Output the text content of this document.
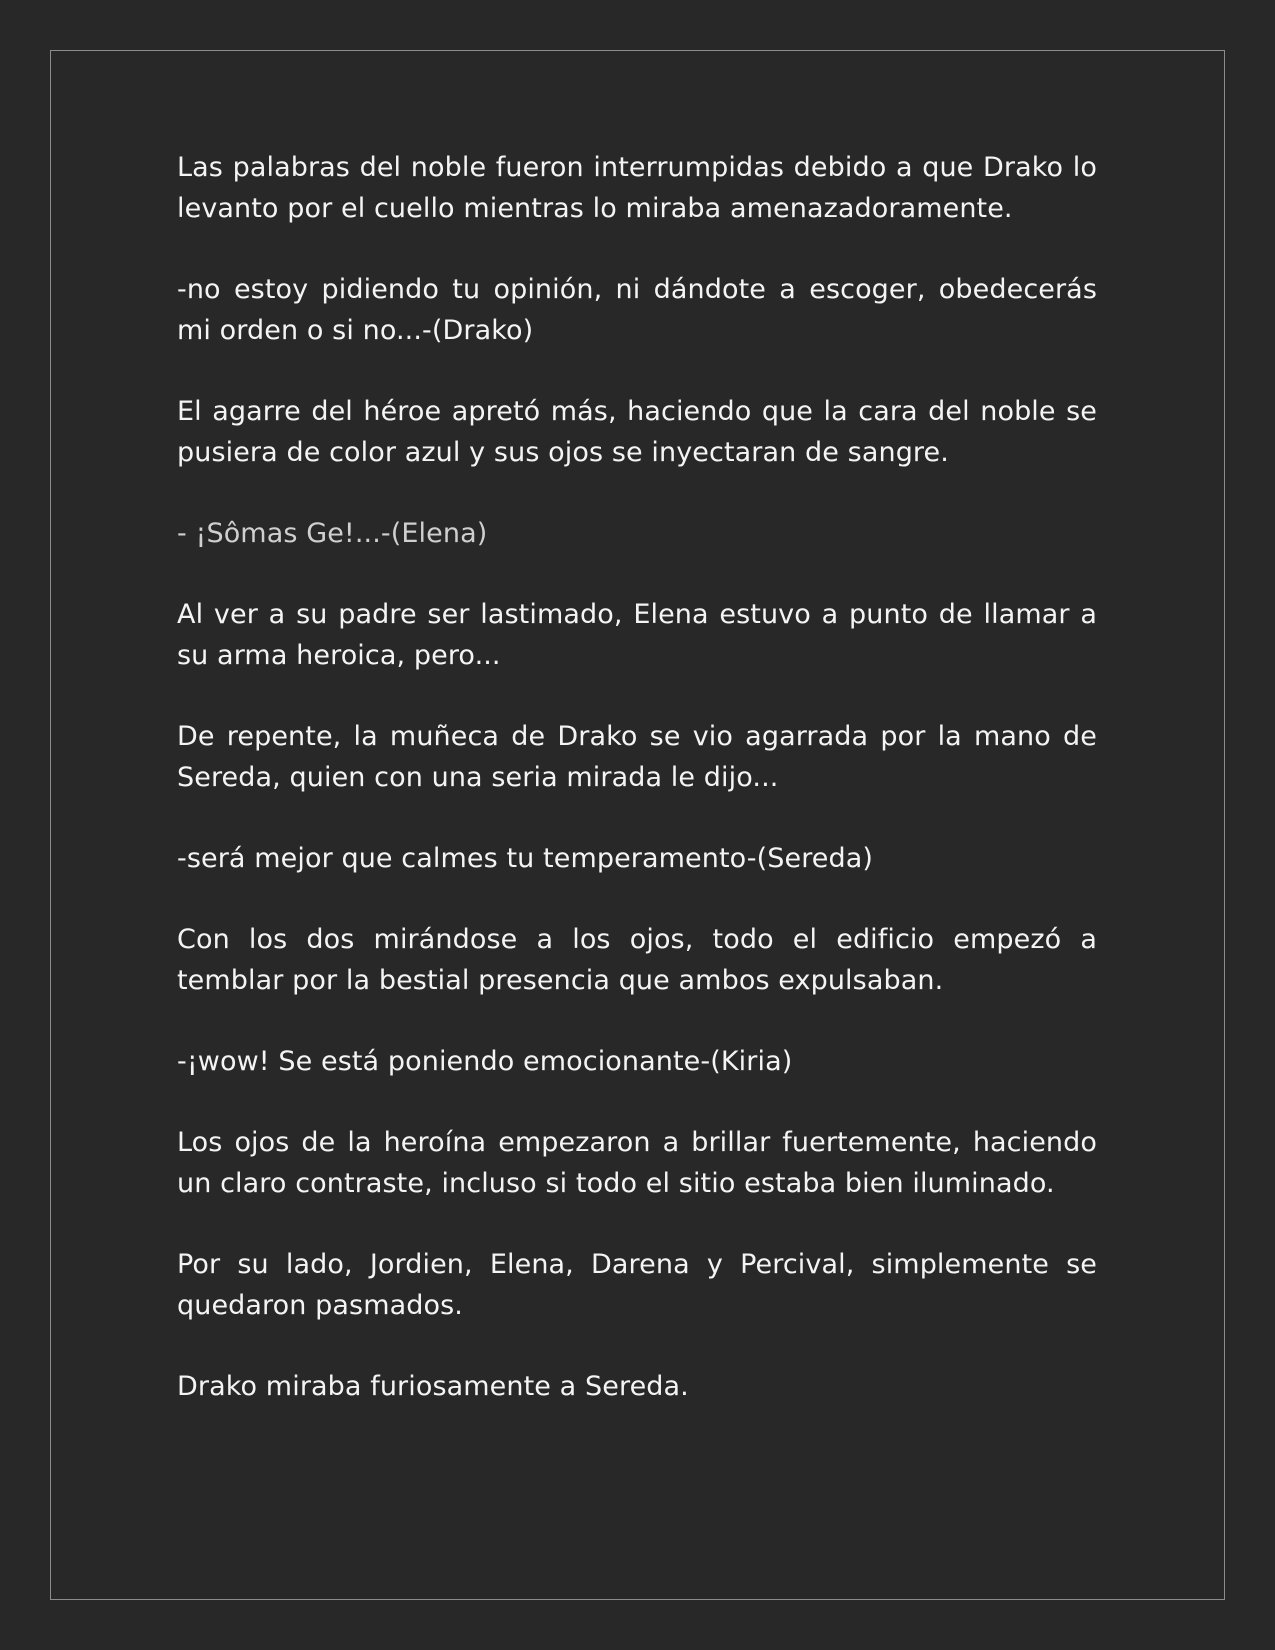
Las palabras del noble fueron interrumpidas debido a que Drako lo levanto por el cuello mientras lo miraba amenazadoramente.

-no estoy pidiendo tu opinión, ni dándote a escoger, obedecerás mi orden o si no...-(Drako)

El agarre del héroe apretó más, haciendo que la cara del noble se pusiera de color azul y sus ojos se inyectaran de sangre.

- ¡Sômas Ge!...-(Elena)

Al ver a su padre ser lastimado, Elena estuvo a punto de llamar a su arma heroica, pero...

De repente, la muñeca de Drako se vio agarrada por la mano de Sereda, quien con una seria mirada le dijo...

-será mejor que calmes tu temperamento-(Sereda)

Con los dos mirándose a los ojos, todo el edificio empezó a temblar por la bestial presencia que ambos expulsaban.

-¡wow! Se está poniendo emocionante-(Kiria)

Los ojos de la heroína empezaron a brillar fuertemente, haciendo un claro contraste, incluso si todo el sitio estaba bien iluminado.

Por su lado, Jordien, Elena, Darena y Percival, simplemente se quedaron pasmados.

Drako miraba furiosamente a Sereda.
